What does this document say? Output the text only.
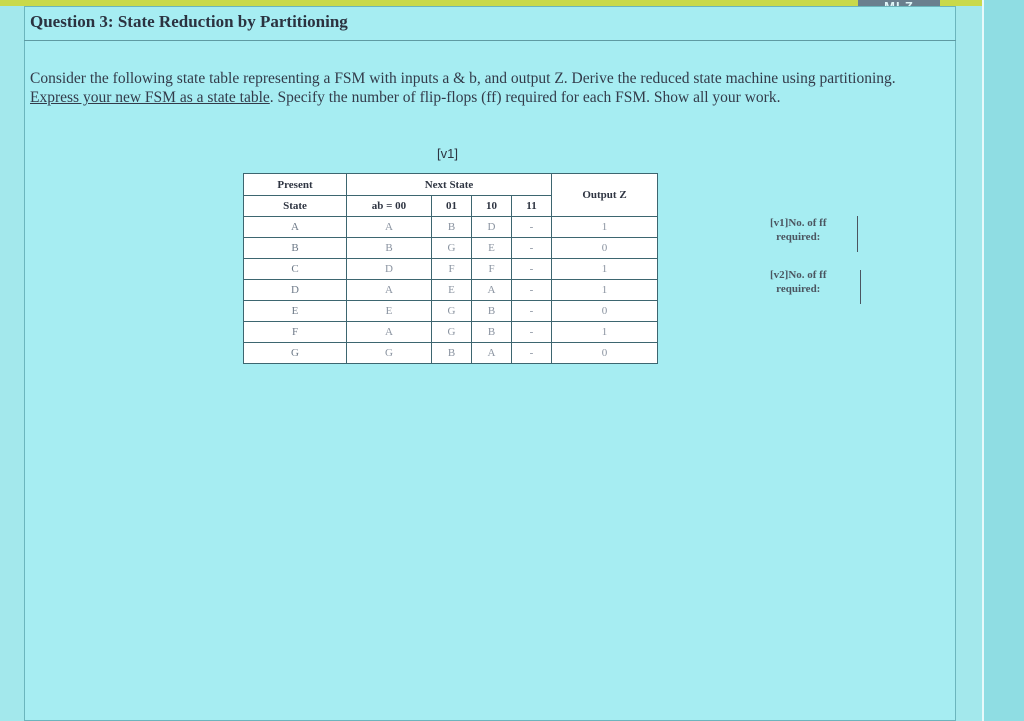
Question 3: State Reduction by Partitioning
Consider the following state table representing a FSM with inputs a & b, and output Z. Derive the reduced state machine using partitioning. Express your new FSM as a state table. Specify the number of flip-flops (ff) required for each FSM. Show all your work.
[v1]
Present	Next State				Output Z
State	ab = 00	01	10	11	
A	A	B	D	-	1
B	B	G	E	-	0
C	D	F	F	-	1
D	A	E	A	-	1
E	E	G	B	-	0
F	A	G	B	-	1
G	G	B	A	-	0
[v1]No. of ff
required:
[v2]No. of ff
required:
